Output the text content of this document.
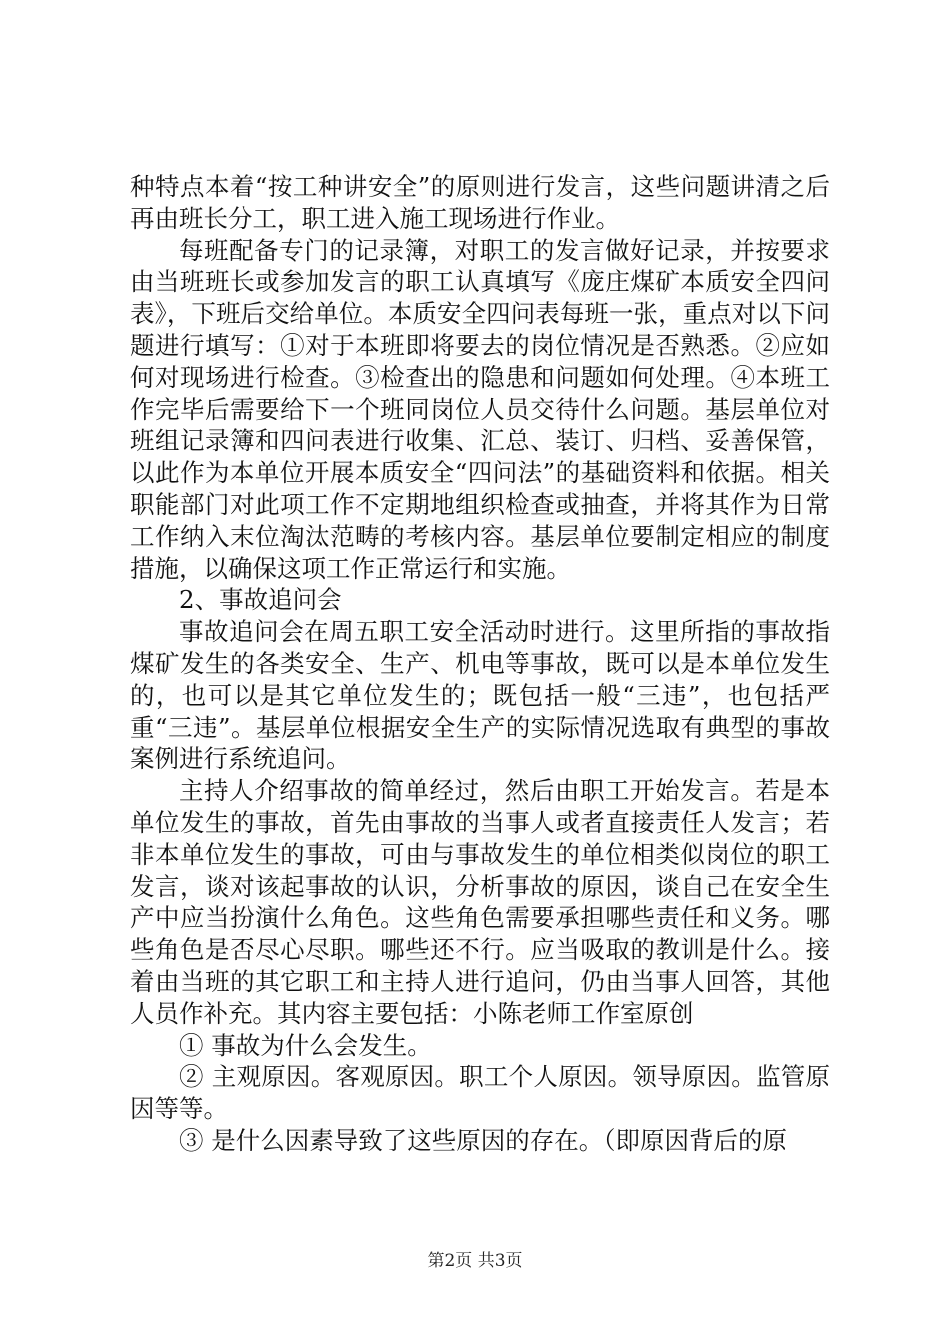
种特点本着“按工种讲安全”的原则进行发言，这些问题讲清之后再由班长分工，职工进入施工现场进行作业。

每班配备专门的记录簿，对职工的发言做好记录，并按要求由当班班长或参加发言的职工认真填写《庞庄煤矿本质安全四问表》，下班后交给单位。本质安全四问表每班一张，重点对以下问题进行填写：①对于本班即将要去的岗位情况是否熟悉。②应如何对现场进行检查。③检查出的隐患和问题如何处理。④本班工作完毕后需要给下一个班同岗位人员交待什么问题。基层单位对班组记录簿和四问表进行收集、汇总、装订、归档、妥善保管，以此作为本单位开展本质安全“四问法”的基础资料和依据。相关职能部门对此项工作不定期地组织检查或抽查，并将其作为日常工作纳入末位淘汰范畴的考核内容。基层单位要制定相应的制度措施，以确保这项工作正常运行和实施。

2、事故追问会

事故追问会在周五职工安全活动时进行。这里所指的事故指煤矿发生的各类安全、生产、机电等事故，既可以是本单位发生的，也可以是其它单位发生的；既包括一般“三违”，也包括严重“三违”。基层单位根据安全生产的实际情况选取有典型的事故案例进行系统追问。

主持人介绍事故的简单经过，然后由职工开始发言。若是本单位发生的事故，首先由事故的当事人或者直接责任人发言；若非本单位发生的事故，可由与事故发生的单位相类似岗位的职工发言，谈对该起事故的认识，分析事故的原因，谈自己在安全生产中应当扮演什么角色。这些角色需要承担哪些责任和义务。哪些角色是否尽心尽职。哪些还不行。应当吸取的教训是什么。接着由当班的其它职工和主持人进行追问，仍由当事人回答，其他人员作补充。其内容主要包括：小陈老师工作室原创

① 事故为什么会发生。

② 主观原因。客观原因。职工个人原因。领导原因。监管原因等等。

③ 是什么因素导致了这些原因的存在。（即原因背后的原

第2页 共3页
